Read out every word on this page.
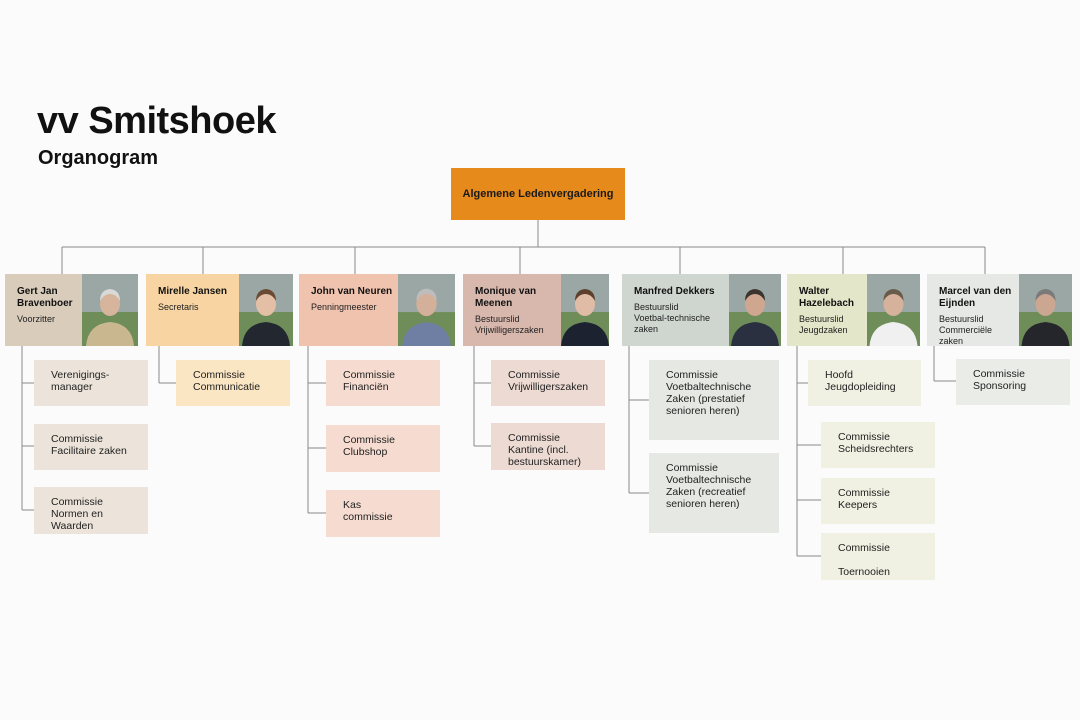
vv Smitshoek
Organogram
Algemene Ledenvergadering
Gert Jan
Bravenboer
Voorzitter
Mirelle Jansen
Secretaris
John van Neuren
Penningmeester
Monique van
Meenen
Bestuurslid
Vrijwilligerszaken
Manfred Dekkers
Bestuurslid
Voetbal-technische
zaken
Walter
Hazelebach
Bestuurslid
Jeugdzaken
Marcel van den
Eijnden
Bestuurslid
Commerciële
zaken
Verenigings-
manager
Commissie
Facilitaire zaken
Commissie
Normen en
Waarden
Commissie
Communicatie
Commissie
Financiën
Commissie
Clubshop
Kas
commissie
Commissie
Vrijwilligerszaken
Commissie
Kantine (incl.
bestuurskamer)
Commissie
Voetbaltechnische
Zaken (prestatief
senioren heren)
Commissie
Voetbaltechnische
Zaken (recreatief
senioren heren)
Hoofd
Jeugdopleiding
Commissie
Scheidsrechters
Commissie
Keepers
Commissie

Toernooien
Commissie
Sponsoring
